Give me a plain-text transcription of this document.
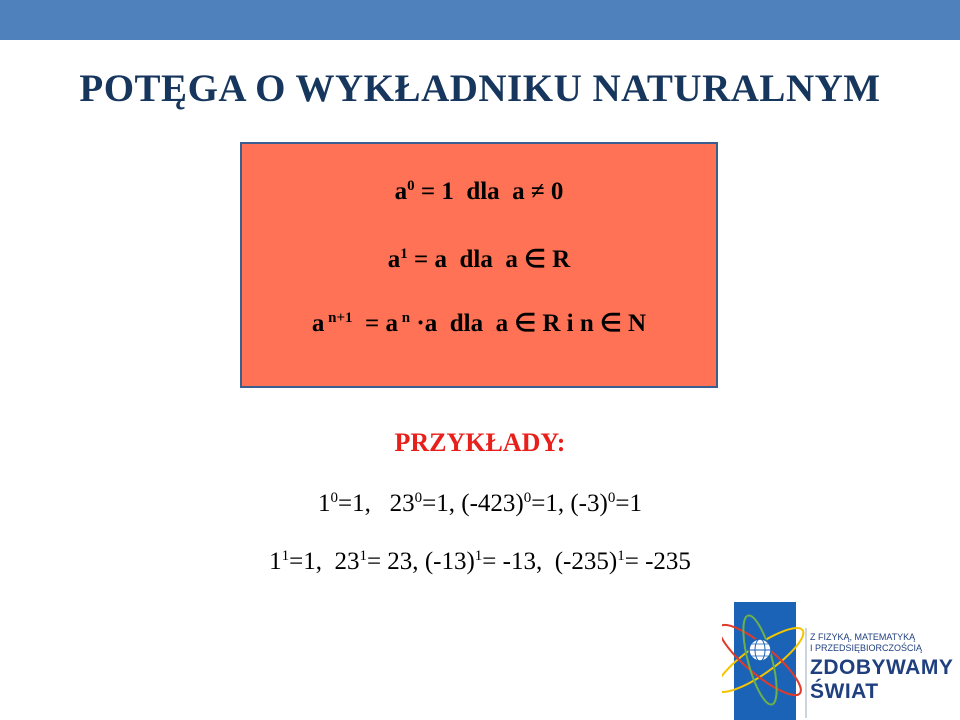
POTĘGA O WYKŁADNIKU NATURALNYM
$a^0 = 1$  dla  a ≠ 0
$a^1 = a$  dla  a ∈ R
a $^{n+1}$  = a $^n$ ·a  dla  a ∈ R i n ∈ N
PRZYKŁADY:
$1^0=1$,   $23^0=1$, $(-423)^0=1$, $(-3)^0=1$
$1^1=1$,  $23^1= 23$, $(-13)^1= -13$,  $(-235)^1= -235$
Z FIZYKĄ, MATEMATYKĄ
I PRZEDSIĘBIORCZOŚCIĄ
ZDOBYWAMY
ŚWIAT
